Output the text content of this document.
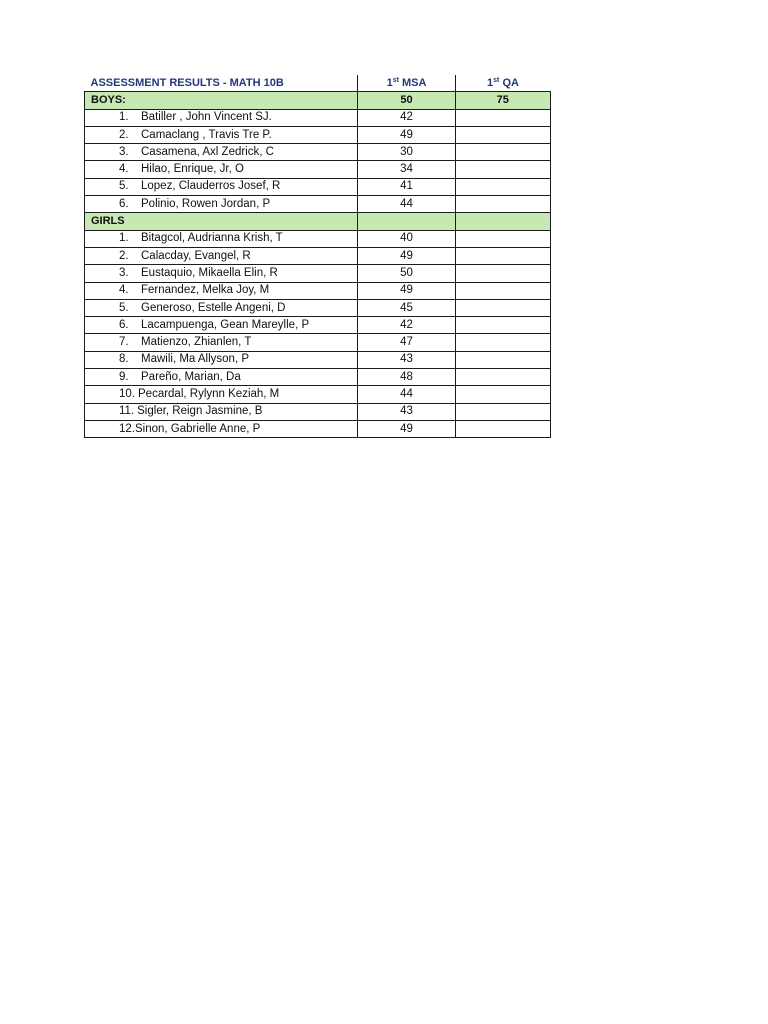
ASSESSMENT RESULTS - MATH 10B	1st MSA	1st QA
BOYS:	50	75
1. Batiller , John Vincent SJ.	42	
2. Camaclang , Travis Tre P.	49	
3. Casamena, Axl Zedrick, C	30	
4. Hilao, Enrique, Jr, O	34	
5. Lopez, Clauderros Josef, R	41	
6. Polinio, Rowen Jordan, P	44	
GIRLS		
1. Bitagcol, Audrianna Krish, T	40	
2. Calacday, Evangel, R	49	
3. Eustaquio, Mikaella Elin, R	50	
4. Fernandez, Melka Joy, M	49	
5. Generoso, Estelle Angeni, D	45	
6. Lacampuenga, Gean Mareylle, P	42	
7. Matienzo, Zhianlen, T	47	
8. Mawili, Ma Allyson, P	43	
9. Pareño, Marian, Da	48	
10. Pecardal, Rylynn Keziah, M	44	
11. Sigler, Reign Jasmine, B	43	
12.Sinon, Gabrielle Anne, P	49	
